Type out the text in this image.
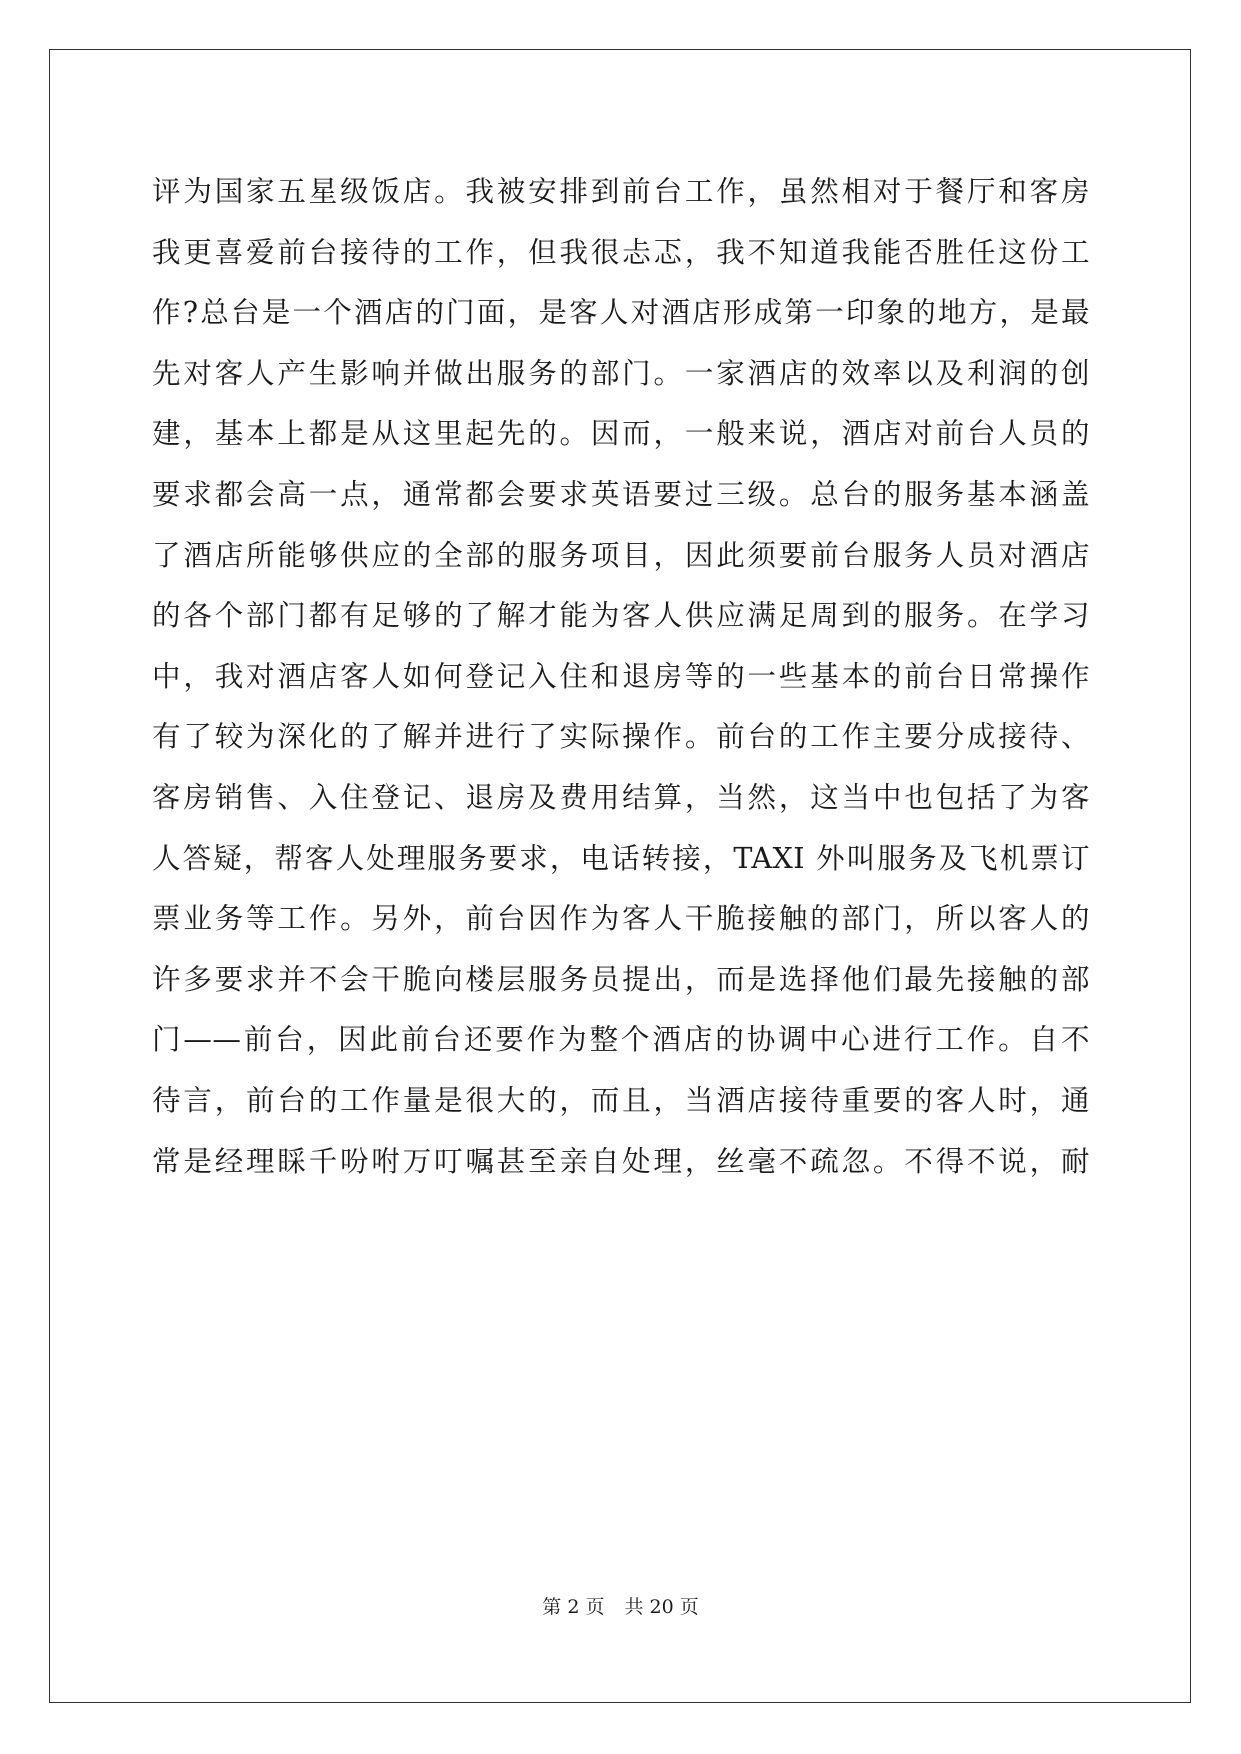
评为国家五星级饭店。我被安排到前台工作，虽然相对于餐厅和客房
我更喜爱前台接待的工作，但我很忐忑，我不知道我能否胜任这份工
作?总台是一个酒店的门面，是客人对酒店形成第一印象的地方，是最
先对客人产生影响并做出服务的部门。一家酒店的效率以及利润的创
建，基本上都是从这里起先的。因而，一般来说，酒店对前台人员的
要求都会高一点，通常都会要求英语要过三级。总台的服务基本涵盖
了酒店所能够供应的全部的服务项目，因此须要前台服务人员对酒店
的各个部门都有足够的了解才能为客人供应满足周到的服务。在学习
中，我对酒店客人如何登记入住和退房等的一些基本的前台日常操作
有了较为深化的了解并进行了实际操作。前台的工作主要分成接待、
客房销售、入住登记、退房及费用结算，当然，这当中也包括了为客
人答疑，帮客人处理服务要求，电话转接，TAXI 外叫服务及飞机票订
票业务等工作。另外，前台因作为客人干脆接触的部门，所以客人的
许多要求并不会干脆向楼层服务员提出，而是选择他们最先接触的部
门——前台，因此前台还要作为整个酒店的协调中心进行工作。自不
待言，前台的工作量是很大的，而且，当酒店接待重要的客人时，通
常是经理睬千吩咐万叮嘱甚至亲自处理，丝毫不疏忽。不得不说，耐
第 2 页 共 20 页
